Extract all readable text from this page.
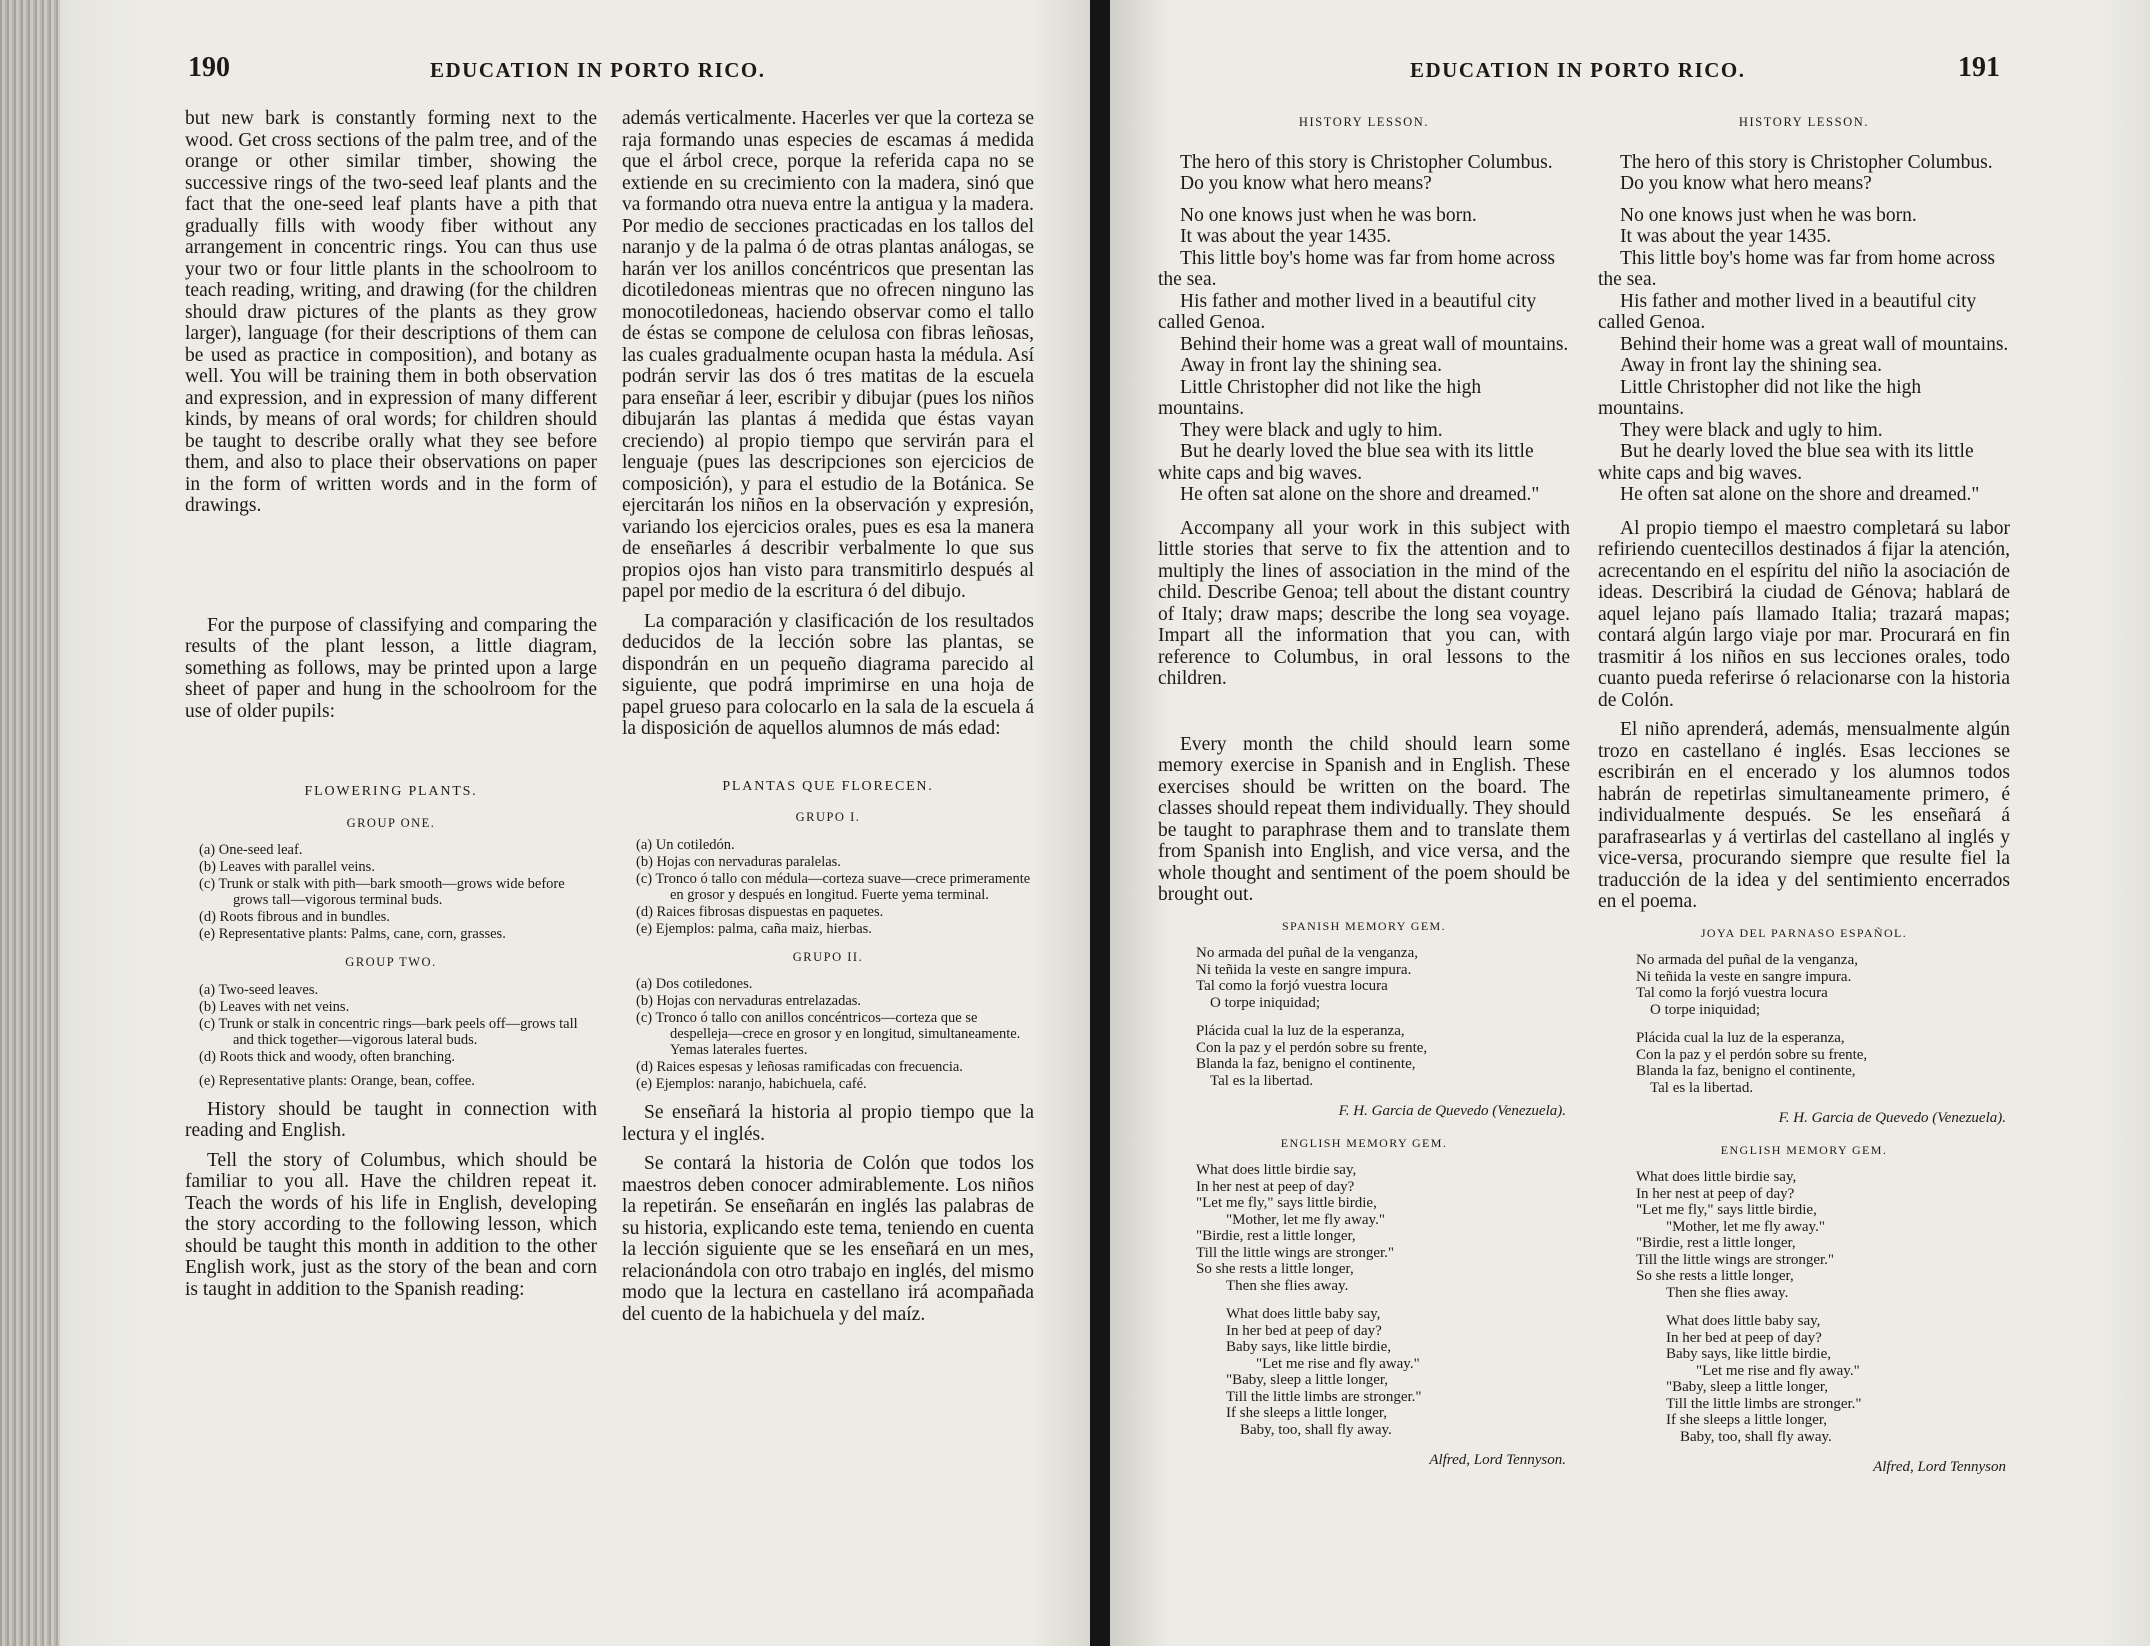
190	EDUCATION IN PORTO RICO.

but new bark is constantly forming next to the wood. Get cross sections of the palm tree, and of the orange or other similar timber, showing the successive rings of the two-seed leaf plants and the fact that the one-seed leaf plants have a pith that gradually fills with woody fiber without any arrangement in concentric rings. You can thus use your two or four little plants in the schoolroom to teach reading, writing, and drawing (for the children should draw pictures of the plants as they grow larger), language (for their descriptions of them can be used as practice in composition), and botany as well. You will be training them in both observation and expression, and in expression of many different kinds, by means of oral words; for children should be taught to describe orally what they see before them, and also to place their observations on paper in the form of written words and in the form of drawings.

For the purpose of classifying and comparing the results of the plant lesson, a little diagram, something as follows, may be printed upon a large sheet of paper and hung in the schoolroom for the use of older pupils:

FLOWERING PLANTS.
GROUP ONE.
(a) One-seed leaf.
(b) Leaves with parallel veins.
(c) Trunk or stalk with pith—bark smooth—grows wide before grows tall—vigorous terminal buds.
(d) Roots fibrous and in bundles.
(e) Representative plants: Palms, cane, corn, grasses.
GROUP TWO.
(a) Two-seed leaves.
(b) Leaves with net veins.
(c) Trunk or stalk in concentric rings—bark peels off—grows tall and thick together—vigorous lateral buds.
(d) Roots thick and woody, often branching.
(e) Representative plants: Orange, bean, coffee.

History should be taught in connection with reading and English.

Tell the story of Columbus, which should be familiar to you all. Have the children repeat it. Teach the words of his life in English, developing the story according to the following lesson, which should be taught this month in addition to the other English work, just as the story of the bean and corn is taught in addition to the Spanish reading:

además verticalmente. Hacerles ver que la corteza se raja formando unas especies de escamas á medida que el árbol crece, porque la referida capa no se extiende en su crecimiento con la madera, sinó que va formando otra nueva entre la antigua y la madera. Por medio de secciones practicadas en los tallos del naranjo y de la palma ó de otras plantas análogas, se harán ver los anillos concéntricos que presentan las dicotiledoneas mientras que no ofrecen ninguno las monocotiledoneas, haciendo observar como el tallo de éstas se compone de celulosa con fibras leñosas, las cuales gradualmente ocupan hasta la médula. Así podrán servir las dos ó tres matitas de la escuela para enseñar á leer, escribir y dibujar (pues los niños dibujarán las plantas á medida que éstas vayan creciendo) al propio tiempo que servirán para el lenguaje (pues las descripciones son ejercicios de composición), y para el estudio de la Botánica. Se ejercitarán los niños en la observación y expresión, variando los ejercicios orales, pues es esa la manera de enseñarles á describir verbalmente lo que sus propios ojos han visto para transmitirlo después al papel por medio de la escritura ó del dibujo.

La comparación y clasificación de los resultados deducidos de la lección sobre las plantas, se dispondrán en un pequeño diagrama parecido al siguiente, que podrá imprimirse en una hoja de papel grueso para colocarlo en la sala de la escuela á la disposición de aquellos alumnos de más edad:

PLANTAS QUE FLORECEN.
GRUPO I.
(a) Un cotiledón.
(b) Hojas con nervaduras paralelas.
(c) Tronco ó tallo con médula—corteza suave—crece primeramente en grosor y después en longitud. Fuerte yema terminal.
(d) Raices fibrosas dispuestas en paquetes.
(e) Ejemplos: palma, caña maiz, hierbas.
GRUPO II.
(a) Dos cotiledones.
(b) Hojas con nervaduras entrelazadas.
(c) Tronco ó tallo con anillos concéntricos—corteza que se despelleja—crece en grosor y en longitud, simultaneamente. Yemas laterales fuertes.
(d) Raices espesas y leñosas ramificadas con frecuencia.
(e) Ejemplos: naranjo, habichuela, café.

Se enseñará la historia al propio tiempo que la lectura y el inglés.

Se contará la historia de Colón que todos los maestros deben conocer admirablemente. Los niños la repetirán. Se enseñarán en inglés las palabras de su historia, explicando este tema, teniendo en cuenta la lección siguiente que se les enseñará en un mes, relacionándola con otro trabajo en inglés, del mismo modo que la lectura en castellano irá acompañada del cuento de la habichuela y del maíz.

EDUCATION IN PORTO RICO.	191
HISTORY LESSON.

The hero of this story is Christopher Columbus.

Do you know what hero means?

No one knows just when he was born.

It was about the year 1435.

This little boy's home was far from home across the sea.

His father and mother lived in a beautiful city called Genoa.

Behind their home was a great wall of mountains.

Away in front lay the shining sea.

Little Christopher did not like the high mountains.

They were black and ugly to him.

But he dearly loved the blue sea with its little white caps and big waves.

He often sat alone on the shore and dreamed."

Accompany all your work in this subject with little stories that serve to fix the attention and to multiply the lines of association in the mind of the child. Describe Genoa; tell about the distant country of Italy; draw maps; describe the long sea voyage. Impart all the information that you can, with reference to Columbus, in oral lessons to the children.

Every month the child should learn some memory exercise in Spanish and in English. These exercises should be written on the board. The classes should repeat them individually. They should be taught to paraphrase them and to translate them from Spanish into English, and vice versa, and the whole thought and sentiment of the poem should be brought out.

SPANISH MEMORY GEM.
No armada del puñal de la venganza,
Ni teñida la veste en sangre impura.
Tal como la forjó vuestra locura
O torpe iniquidad;
Plácida cual la luz de la esperanza,
Con la paz y el perdón sobre su frente,
Blanda la faz, benigno el continente,
Tal es la libertad.
F. H. Garcia de Quevedo (Venezuela).
ENGLISH MEMORY GEM.
What does little birdie say,
In her nest at peep of day?
"Let me fly," says little birdie,
"Mother, let me fly away."
"Birdie, rest a little longer,
Till the little wings are stronger."
So she rests a little longer,
Then she flies away.
What does little baby say,
In her bed at peep of day?
Baby says, like little birdie,
"Let me rise and fly away."
"Baby, sleep a little longer,
Till the little limbs are stronger."
If she sleeps a little longer,
Baby, too, shall fly away.
Alfred, Lord Tennyson.
HISTORY LESSON.

The hero of this story is Christopher Columbus.

Do you know what hero means?

No one knows just when he was born.

It was about the year 1435.

This little boy's home was far from home across the sea.

His father and mother lived in a beautiful city called Genoa.

Behind their home was a great wall of mountains.

Away in front lay the shining sea.

Little Christopher did not like the high mountains.

They were black and ugly to him.

But he dearly loved the blue sea with its little white caps and big waves.

He often sat alone on the shore and dreamed."

Al propio tiempo el maestro completará su labor refiriendo cuentecillos destinados á fijar la atención, acrecentando en el espíritu del niño la asociación de ideas. Describirá la ciudad de Génova; hablará de aquel lejano país llamado Italia; trazará mapas; contará algún largo viaje por mar. Procurará en fin trasmitir á los niños en sus lecciones orales, todo cuanto pueda referirse ó relacionarse con la historia de Colón.

El niño aprenderá, además, mensualmente algún trozo en castellano é inglés. Esas lecciones se escribirán en el encerado y los alumnos todos habrán de repetirlas simultaneamente primero, é individualmente después. Se les enseñará á parafrasearlas y á vertirlas del castellano al inglés y vice-versa, procurando siempre que resulte fiel la traducción de la idea y del sentimiento encerrados en el poema.

JOYA DEL PARNASO ESPAÑOL.
No armada del puñal de la venganza,
Ni teñida la veste en sangre impura.
Tal como la forjó vuestra locura
O torpe iniquidad;
Plácida cual la luz de la esperanza,
Con la paz y el perdón sobre su frente,
Blanda la faz, benigno el continente,
Tal es la libertad.
F. H. Garcia de Quevedo (Venezuela).
ENGLISH MEMORY GEM.
What does little birdie say,
In her nest at peep of day?
"Let me fly," says little birdie,
"Mother, let me fly away."
"Birdie, rest a little longer,
Till the little wings are stronger."
So she rests a little longer,
Then she flies away.
What does little baby say,
In her bed at peep of day?
Baby says, like little birdie,
"Let me rise and fly away."
"Baby, sleep a little longer,
Till the little limbs are stronger."
If she sleeps a little longer,
Baby, too, shall fly away.
Alfred, Lord Tennyson
